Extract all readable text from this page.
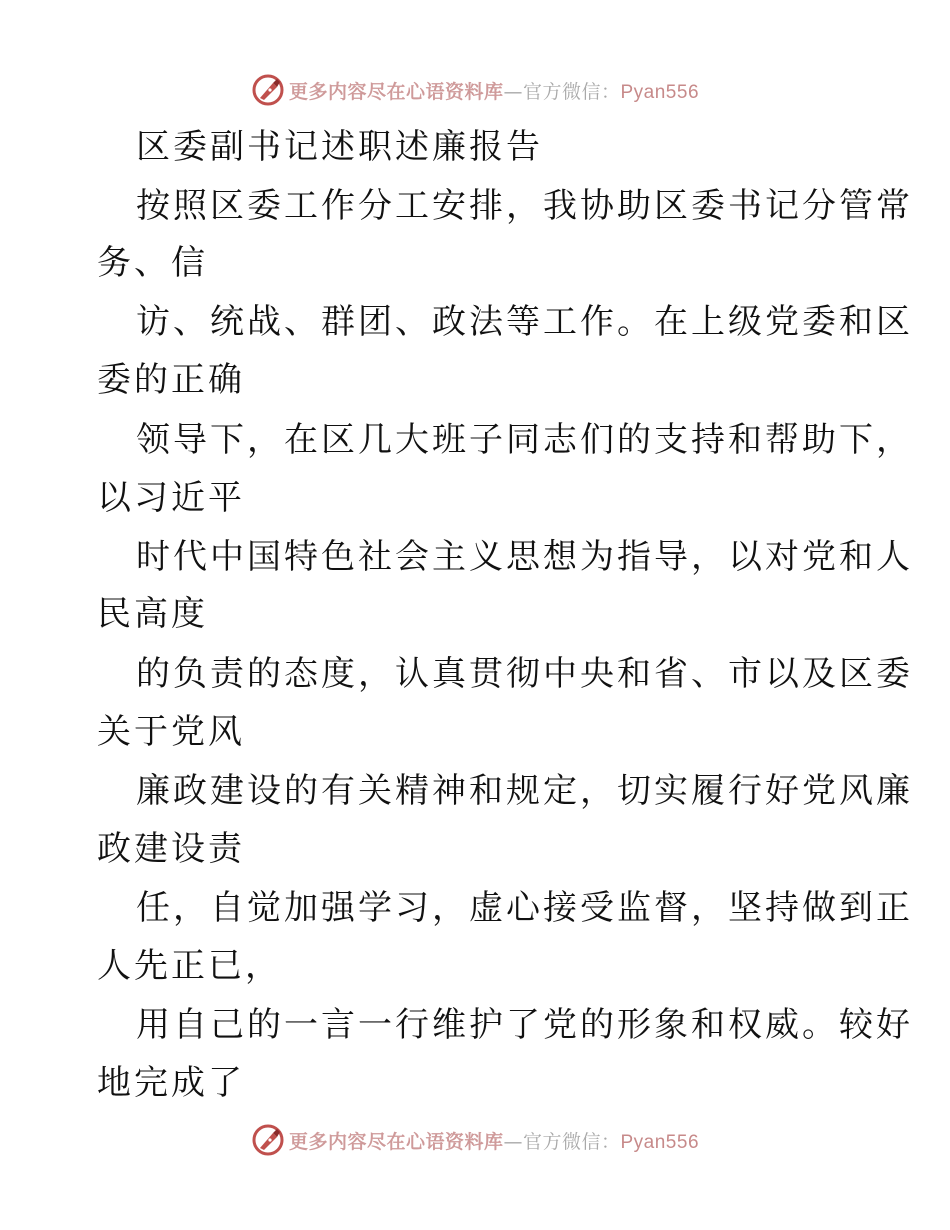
更多内容尽在心语资料库—官方微信：Pyan556
区委副书记述职述廉报告
按照区委工作分工安排，我协助区委书记分管常
务、信
访、统战、群团、政法等工作。在上级党委和区
委的正确
领导下，在区几大班子同志们的支持和帮助下，
以习近平
时代中国特色社会主义思想为指导，以对党和人
民高度
的负责的态度，认真贯彻中央和省、市以及区委
关于党风
廉政建设的有关精神和规定，切实履行好党风廉
政建设责
任，自觉加强学习，虚心接受监督，坚持做到正
人先正已，
用自己的一言一行维护了党的形象和权威。较好
地完成了
更多内容尽在心语资料库—官方微信：Pyan556
